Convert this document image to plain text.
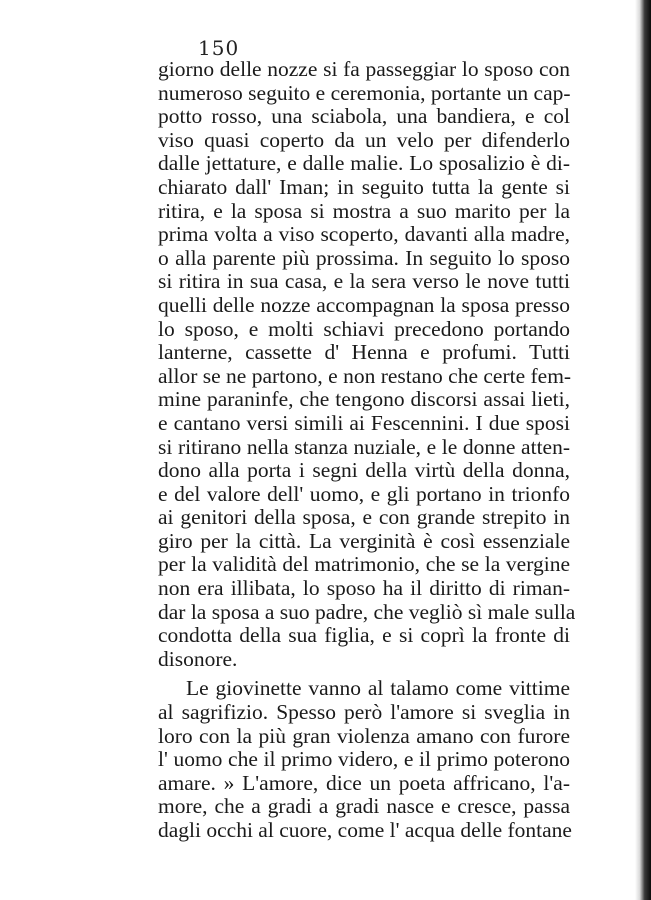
150
giorno delle nozze si fa passeggiar lo sposo con
numeroso seguito e ceremonia, portante un cap-
potto rosso, una sciabola, una bandiera, e col
viso quasi coperto da un velo per difenderlo
dalle jettature, e dalle malie. Lo sposalizio è di-
chiarato dall' Iman; in seguito tutta la gente si
ritira, e la sposa si mostra a suo marito per la
prima volta a viso scoperto, davanti alla madre,
o alla parente più prossima. In seguito lo sposo
si ritira in sua casa, e la sera verso le nove tutti
quelli delle nozze accompagnan la sposa presso
lo sposo, e molti schiavi precedono portando
lanterne, cassette d' Henna e profumi. Tutti
allor se ne partono, e non restano che certe fem-
mine paraninfe, che tengono discorsi assai lieti,
e cantano versi simili ai Fescennini. I due sposi
si ritirano nella stanza nuziale, e le donne atten-
dono alla porta i segni della virtù della donna,
e del valore dell' uomo, e gli portano in trionfo
ai genitori della sposa, e con grande strepito in
giro per la città. La verginità è così essenziale
per la validità del matrimonio, che se la vergine
non era illibata, lo sposo ha il diritto di riman-
dar la sposa a suo padre, che vegliò sì male sulla
condotta della sua figlia, e si coprì la fronte di
disonore.
Le giovinette vanno al talamo come vittime
al sagrifizio. Spesso però l'amore si sveglia in
loro con la più gran violenza amano con furore
l' uomo che il primo videro, e il primo poterono
amare. » L'amore, dice un poeta affricano, l'a-
more, che a gradi a gradi nasce e cresce, passa
dagli occhi al cuore, come l' acqua delle fontane
